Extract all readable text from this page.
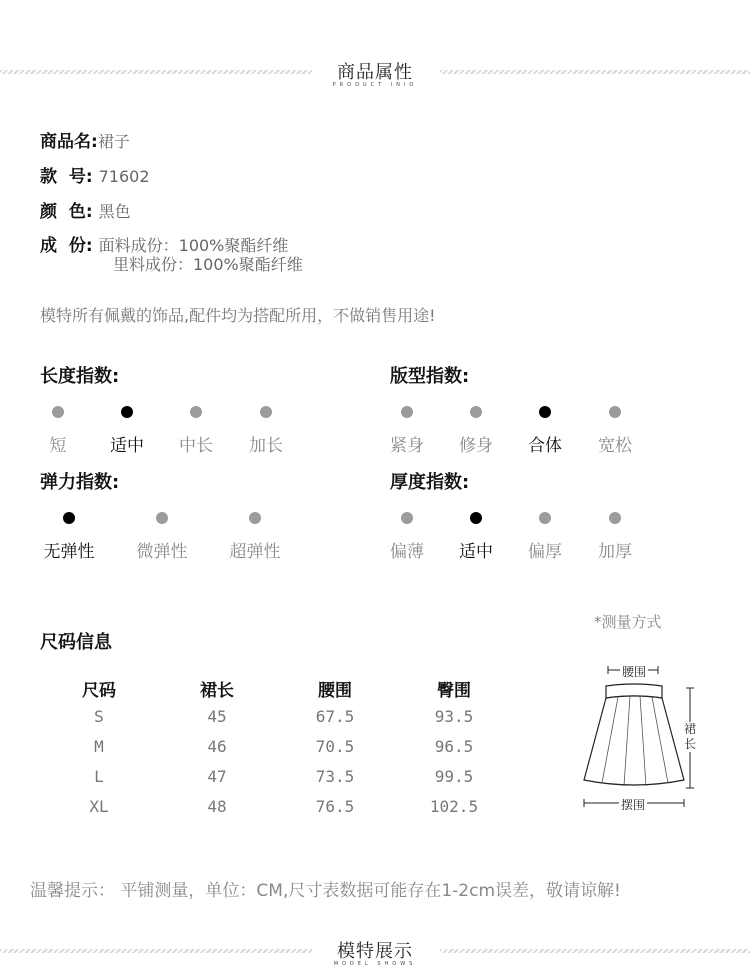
商品属性
PRODUCT INIO
商品名:裙子
款  号: 71602
颜  色: 黑色
成  份: 面料成份：100%聚酯纤维
里料成份：100%聚酯纤维
模特所有佩戴的饰品,配件均为搭配所用，不做销售用途!
长度指数:
短	适中	中长	加长
版型指数:
紧身	修身	合体	宽松
弹力指数:
无弹性	微弹性	超弹性
厚度指数:
偏薄	适中	偏厚	加厚
尺码信息
*测量方式
尺码	裙长	腰围	臀围
S	45	67.5	93.5
M	46	70.5	96.5
L	47	73.5	99.5
XL	48	76.5	102.5
腰围
裙长
摆围
温馨提示： 平铺测量，单位：CM,尺寸表数据可能存在1-2cm误差，敬请谅解!
模特展示
MODEL SHOWS
